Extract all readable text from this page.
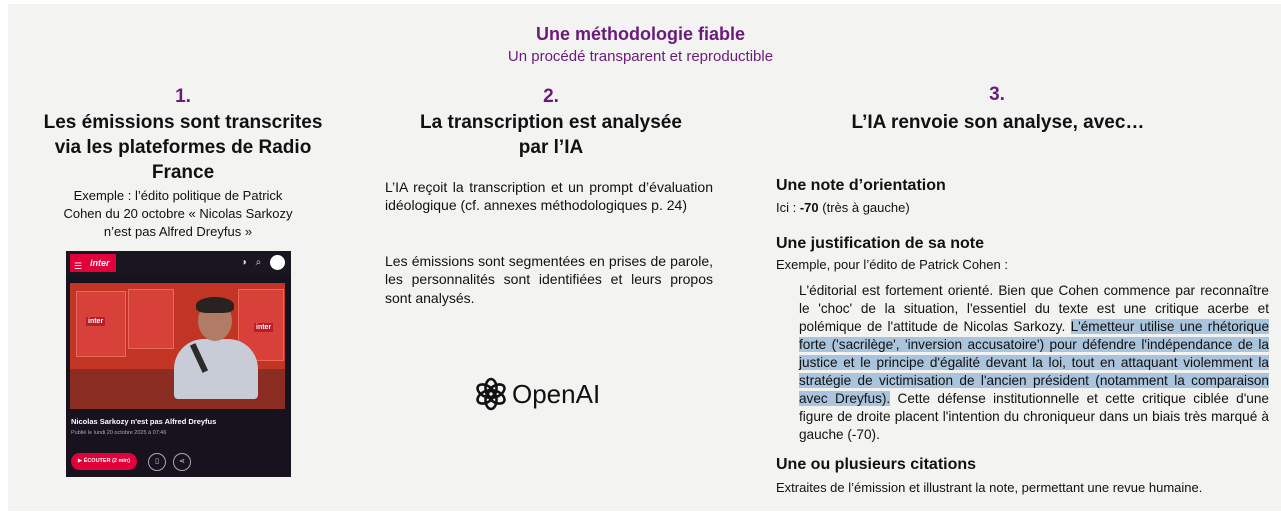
Une méthodologie fiable
Un procédé transparent et reproductible
1.
Les émissions sont transcrites
via les plateformes de Radio
France
Exemple : l’édito politique de Patrick
Cohen du 20 octobre « Nicolas Sarkozy
n’est pas Alfred Dreyfus »
☰ inter	◑ ⌕
inter
inter
Nicolas Sarkozy n'est pas Alfred Dreyfus
Publié le lundi 20 octobre 2025 à 07:46
▶ ÉCOUTER (2 min)	▯	⋖
2.
La transcription est analysée
par l’IA
L’IA reçoit la transcription et un prompt d’évaluation idéologique (cf. annexes méthodologiques p. 24)
Les émissions sont segmentées en prises de parole, les personnalités sont identifiées et leurs propos sont analysés.
OpenAI
3.
L’IA renvoie son analyse, avec…
Une note d’orientation
Ici : -70 (très à gauche)
Une justification de sa note
Exemple, pour l’édito de Patrick Cohen :
L'éditorial est fortement orienté. Bien que Cohen commence par reconnaître le 'choc' de la situation, l'essentiel du texte est une critique acerbe et polémique de l'attitude de Nicolas Sarkozy. L'émetteur utilise une rhétorique forte ('sacrilège', 'inversion accusatoire') pour défendre l'indépendance de la justice et le principe d'égalité devant la loi, tout en attaquant violemment la stratégie de victimisation de l'ancien président (notamment la comparaison avec Dreyfus). Cette défense institutionnelle et cette critique ciblée d'une figure de droite placent l'intention du chroniqueur dans un biais très marqué à gauche (-70).
Une ou plusieurs citations
Extraites de l’émission et illustrant la note, permettant une revue humaine.
